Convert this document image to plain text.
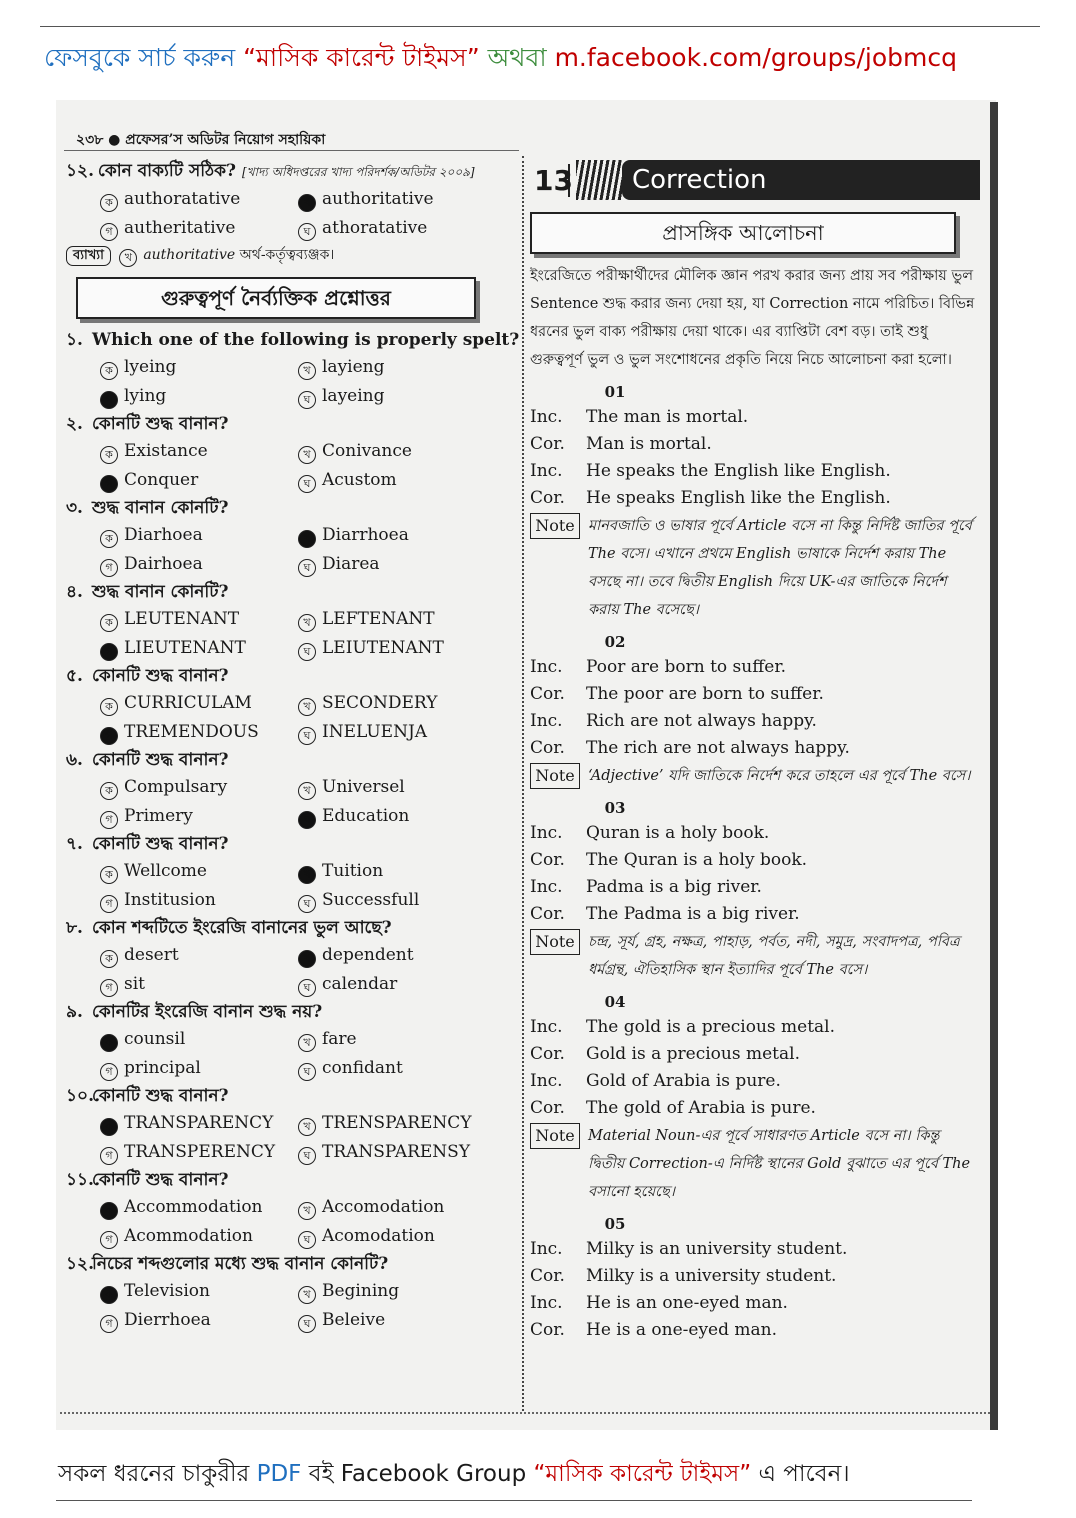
ফেসবুকে সার্চ করুন “মাসিক কারেন্ট টাইমস” অথবা m.facebook.com/groups/jobmcq
২৩৮ ● প্রফেসর’স অডিটর নিয়োগ সহায়িকা
১২. কোন বাক্যটি সঠিক? [খাদ্য অধিদপ্তরের খাদ্য পরিদর্শক/অডিটর ২০০৯]
ক authoratative	খ authoritative
গ autheritative	ঘ athoratative
ব্যাখ্যা খ authoritative অর্থ-কর্তৃত্বব্যঞ্জক।
গুরুত্বপূর্ণ নৈর্ব্যক্তিক প্রশ্নোত্তর
১. Which one of the following is properly spelt?
ক lyeing	খ layieng
গ lying	ঘ layeing
২. কোনটি শুদ্ধ বানান?
ক Existance	খ Conivance
গ Conquer	ঘ Acustom
৩. শুদ্ধ বানান কোনটি?
ক Diarhoea	খ Diarrhoea
গ Dairhoea	ঘ Diarea
৪. শুদ্ধ বানান কোনটি?
ক LEUTENANT	খ LEFTENANT
গ LIEUTENANT	ঘ LEIUTENANT
৫. কোনটি শুদ্ধ বানান?
ক CURRICULAM	খ SECONDERY
গ TREMENDOUS	ঘ INELUENJA
৬. কোনটি শুদ্ধ বানান?
ক Compulsary	খ Universel
গ Primery	ঘ Education
৭. কোনটি শুদ্ধ বানান?
ক Wellcome	খ Tuition
গ Institusion	ঘ Successfull
৮. কোন শব্দটিতে ইংরেজি বানানের ভুল আছে?
ক desert	খ dependent
গ sit	ঘ calendar
৯. কোনটির ইংরেজি বানান শুদ্ধ নয়?
ক counsil	খ fare
গ principal	ঘ confidant
১০.কোনটি শুদ্ধ বানান?
ক TRANSPARENCY	খ TRENSPARENCY
গ TRANSPERENCY	ঘ TRANSPARENSY
১১.কোনটি শুদ্ধ বানান?
ক Accommodation	খ Accomodation
গ Acommodation	ঘ Acomodation
১২.নিচের শব্দগুলোর মধ্যে শুদ্ধ বানান কোনটি?
ক Television	খ Begining
গ Dierrhoea	ঘ Beleive
13	Correction
প্রাসঙ্গিক আলোচনা
ইংরেজিতে পরীক্ষার্থীদের মৌলিক জ্ঞান পরখ করার জন্য প্রায় সব পরীক্ষায় ভুল Sentence শুদ্ধ করার জন্য দেয়া হয়, যা Correction নামে পরিচিত। বিভিন্ন ধরনের ভুল বাক্য পরীক্ষায় দেয়া থাকে। এর ব্যাপ্তিটা বেশ বড়। তাই শুধু গুরুত্বপূর্ণ ভুল ও ভুল সংশোধনের প্রকৃতি নিয়ে নিচে আলোচনা করা হলো।
01
Inc.	The man is mortal.
Cor.	Man is mortal.
Inc.	He speaks the English like English.
Cor.	He speaks English like the English.
Note মানবজাতি ও ভাষার পূর্বে Article বসে না কিন্তু নির্দিষ্ট জাতির পূর্বে The বসে। এখানে প্রথমে English ভাষাকে নির্দেশ করায় The বসছে না। তবে দ্বিতীয় English দিয়ে UK-এর জাতিকে নির্দেশ করায় The বসেছে।
02
Inc.	Poor are born to suffer.
Cor.	The poor are born to suffer.
Inc.	Rich are not always happy.
Cor.	The rich are not always happy.
Note ‘Adjective’ যদি জাতিকে নির্দেশ করে তাহলে এর পূর্বে The বসে।
03
Inc.	Quran is a holy book.
Cor.	The Quran is a holy book.
Inc.	Padma is a big river.
Cor.	The Padma is a big river.
Note চন্দ্র, সূর্য, গ্রহ, নক্ষত্র, পাহাড়, পর্বত, নদী, সমুদ্র, সংবাদপত্র, পবিত্র ধর্মগ্রন্থ, ঐতিহাসিক স্থান ইত্যাদির পূর্বে The বসে।
04
Inc.	The gold is a precious metal.
Cor.	Gold is a precious metal.
Inc.	Gold of Arabia is pure.
Cor.	The gold of Arabia is pure.
Note Material Noun-এর পূর্বে সাধারণত Article বসে না। কিন্তু দ্বিতীয় Correction-এ নির্দিষ্ট স্থানের Gold বুঝাতে এর পূর্বে The বসানো হয়েছে।
05
Inc.	Milky is an university student.
Cor.	Milky is a university student.
Inc.	He is an one-eyed man.
Cor.	He is a one-eyed man.
সকল ধরনের চাকুরীর PDF বই Facebook Group “মাসিক কারেন্ট টাইমস” এ পাবেন।
